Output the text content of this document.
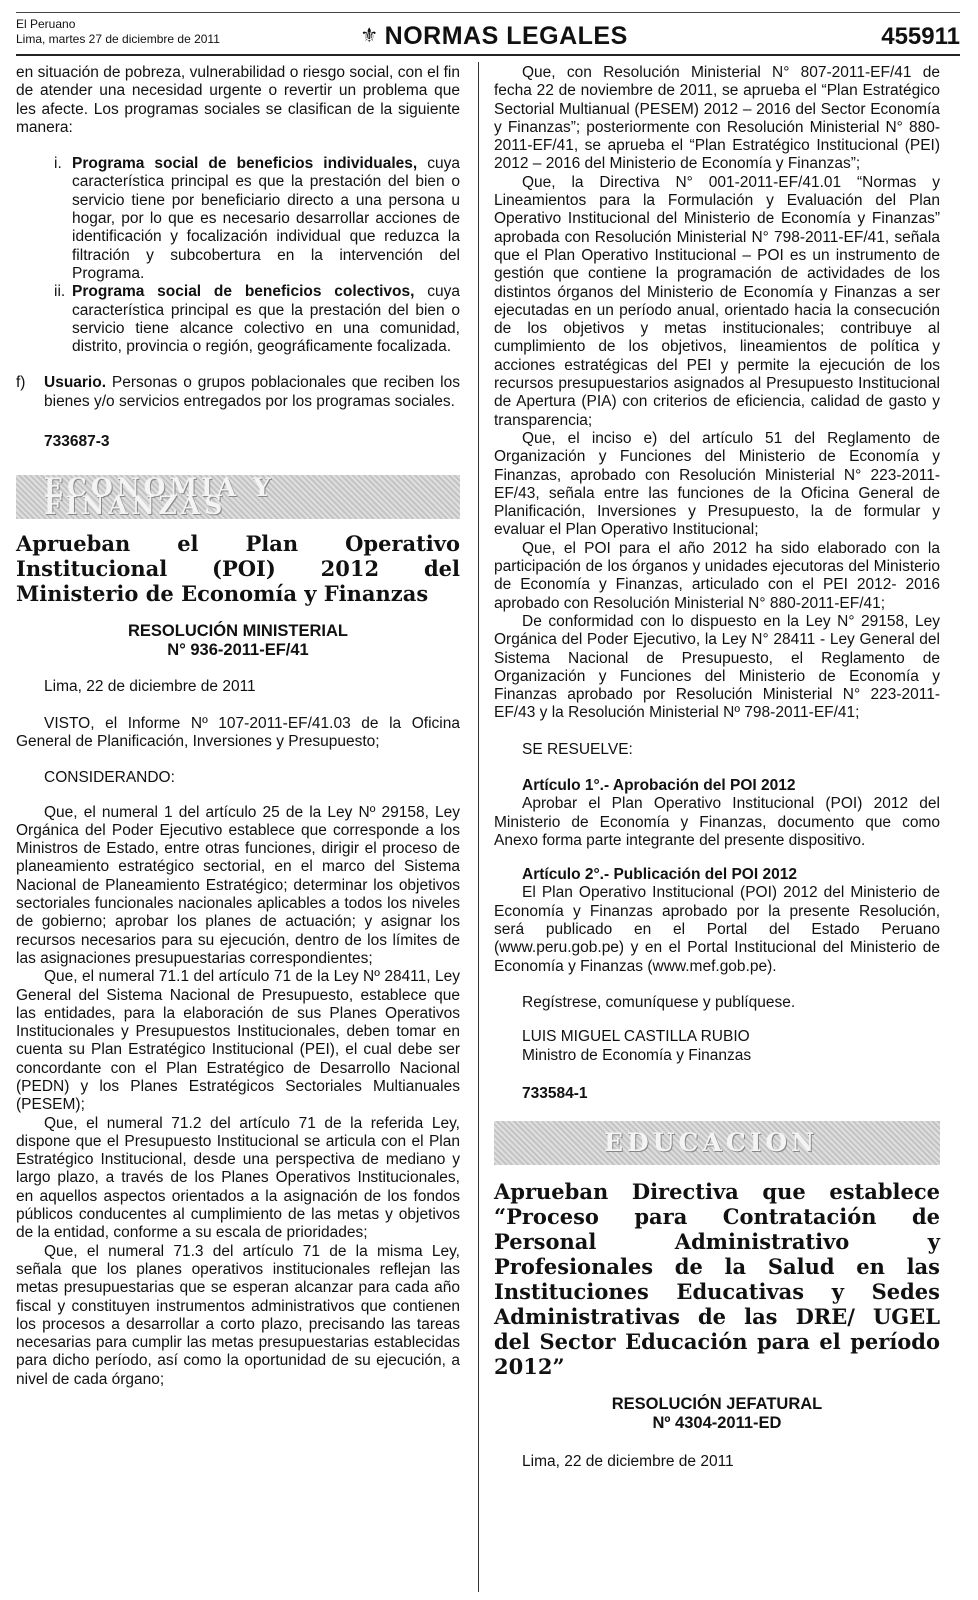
El Peruano
Lima, martes 27 de diciembre de 2011	⚜ NORMAS LEGALES	455911

en situación de pobreza, vulnerabilidad o riesgo social, con el fin de atender una necesidad urgente o revertir un problema que les afecte. Los programas sociales se clasifican de la siguiente manera:

i. Programa social de beneficios individuales, cuya característica principal es que la prestación del bien o servicio tiene por beneficiario directo a una persona u hogar, por lo que es necesario desarrollar acciones de identificación y focalización individual que reduzca la filtración y subcobertura en la intervención del Programa.
ii. Programa social de beneficios colectivos, cuya característica principal es que la prestación del bien o servicio tiene alcance colectivo en una comunidad, distrito, provincia o región, geográficamente focalizada.
f) Usuario. Personas o grupos poblacionales que reciben los bienes y/o servicios entregados por los programas sociales.

733687-3

ECONOMIA Y FINANZAS

Aprueban el Plan Operativo Institucional (POI) 2012 del Ministerio de Economía y Finanzas

RESOLUCIÓN MINISTERIAL

N° 936-2011-EF/41

Lima, 22 de diciembre de 2011

VISTO, el Informe Nº 107-2011-EF/41.03 de la Oficina General de Planificación, Inversiones y Presupuesto;

CONSIDERANDO:

Que, el numeral 1 del artículo 25 de la Ley Nº 29158, Ley Orgánica del Poder Ejecutivo establece que corresponde a los Ministros de Estado, entre otras funciones, dirigir el proceso de planeamiento estratégico sectorial, en el marco del Sistema Nacional de Planeamiento Estratégico; determinar los objetivos sectoriales funcionales nacionales aplicables a todos los niveles de gobierno; aprobar los planes de actuación; y asignar los recursos necesarios para su ejecución, dentro de los límites de las asignaciones presupuestarias correspondientes;

Que, el numeral 71.1 del artículo 71 de la Ley Nº 28411, Ley General del Sistema Nacional de Presupuesto, establece que las entidades, para la elaboración de sus Planes Operativos Institucionales y Presupuestos Institucionales, deben tomar en cuenta su Plan Estratégico Institucional (PEI), el cual debe ser concordante con el Plan Estratégico de Desarrollo Nacional (PEDN) y los Planes Estratégicos Sectoriales Multianuales (PESEM);

Que, el numeral 71.2 del artículo 71 de la referida Ley, dispone que el Presupuesto Institucional se articula con el Plan Estratégico Institucional, desde una perspectiva de mediano y largo plazo, a través de los Planes Operativos Institucionales, en aquellos aspectos orientados a la asignación de los fondos públicos conducentes al cumplimiento de las metas y objetivos de la entidad, conforme a su escala de prioridades;

Que, el numeral 71.3 del artículo 71 de la misma Ley, señala que los planes operativos institucionales reflejan las metas presupuestarias que se esperan alcanzar para cada año fiscal y constituyen instrumentos administrativos que contienen los procesos a desarrollar a corto plazo, precisando las tareas necesarias para cumplir las metas presupuestarias establecidas para dicho período, así como la oportunidad de su ejecución, a nivel de cada órgano;

Que, con Resolución Ministerial N° 807-2011-EF/41 de fecha 22 de noviembre de 2011, se aprueba el “Plan Estratégico Sectorial Multianual (PESEM) 2012 – 2016 del Sector Economía y Finanzas”; posteriormente con Resolución Ministerial N° 880-2011-EF/41, se aprueba el “Plan Estratégico Institucional (PEI) 2012 – 2016 del Ministerio de Economía y Finanzas”;

Que, la Directiva N° 001-2011-EF/41.01 “Normas y Lineamientos para la Formulación y Evaluación del Plan Operativo Institucional del Ministerio de Economía y Finanzas” aprobada con Resolución Ministerial N° 798-2011-EF/41, señala que el Plan Operativo Institucional – POI es un instrumento de gestión que contiene la programación de actividades de los distintos órganos del Ministerio de Economía y Finanzas a ser ejecutadas en un período anual, orientado hacia la consecución de los objetivos y metas institucionales; contribuye al cumplimiento de los objetivos, lineamientos de política y acciones estratégicas del PEI y permite la ejecución de los recursos presupuestarios asignados al Presupuesto Institucional de Apertura (PIA) con criterios de eficiencia, calidad de gasto y transparencia;

Que, el inciso e) del artículo 51 del Reglamento de Organización y Funciones del Ministerio de Economía y Finanzas, aprobado con Resolución Ministerial N° 223-2011-EF/43, señala entre las funciones de la Oficina General de Planificación, Inversiones y Presupuesto, la de formular y evaluar el Plan Operativo Institucional;

Que, el POI para el año 2012 ha sido elaborado con la participación de los órganos y unidades ejecutoras del Ministerio de Economía y Finanzas, articulado con el PEI 2012- 2016 aprobado con Resolución Ministerial N° 880-2011-EF/41;

De conformidad con lo dispuesto en la Ley N° 29158, Ley Orgánica del Poder Ejecutivo, la Ley N° 28411 - Ley General del Sistema Nacional de Presupuesto, el Reglamento de Organización y Funciones del Ministerio de Economía y Finanzas aprobado por Resolución Ministerial N° 223-2011-EF/43 y la Resolución Ministerial Nº 798-2011-EF/41;

SE RESUELVE:

Artículo 1°.- Aprobación del POI 2012

Aprobar el Plan Operativo Institucional (POI) 2012 del Ministerio de Economía y Finanzas, documento que como Anexo forma parte integrante del presente dispositivo.

Artículo 2°.- Publicación del POI 2012

El Plan Operativo Institucional (POI) 2012 del Ministerio de Economía y Finanzas aprobado por la presente Resolución, será publicado en el Portal del Estado Peruano (www.peru.gob.pe) y en el Portal Institucional del Ministerio de Economía y Finanzas (www.mef.gob.pe).

Regístrese, comuníquese y publíquese.

LUIS MIGUEL CASTILLA RUBIO

Ministro de Economía y Finanzas

733584-1

EDUCACION

Aprueban Directiva que establece “Proceso para Contratación de Personal Administrativo y Profesionales de la Salud en las Instituciones Educativas y Sedes Administrativas de las DRE/ UGEL del Sector Educación para el período 2012”

RESOLUCIÓN JEFATURAL

Nº 4304-2011-ED

Lima, 22 de diciembre de 2011
